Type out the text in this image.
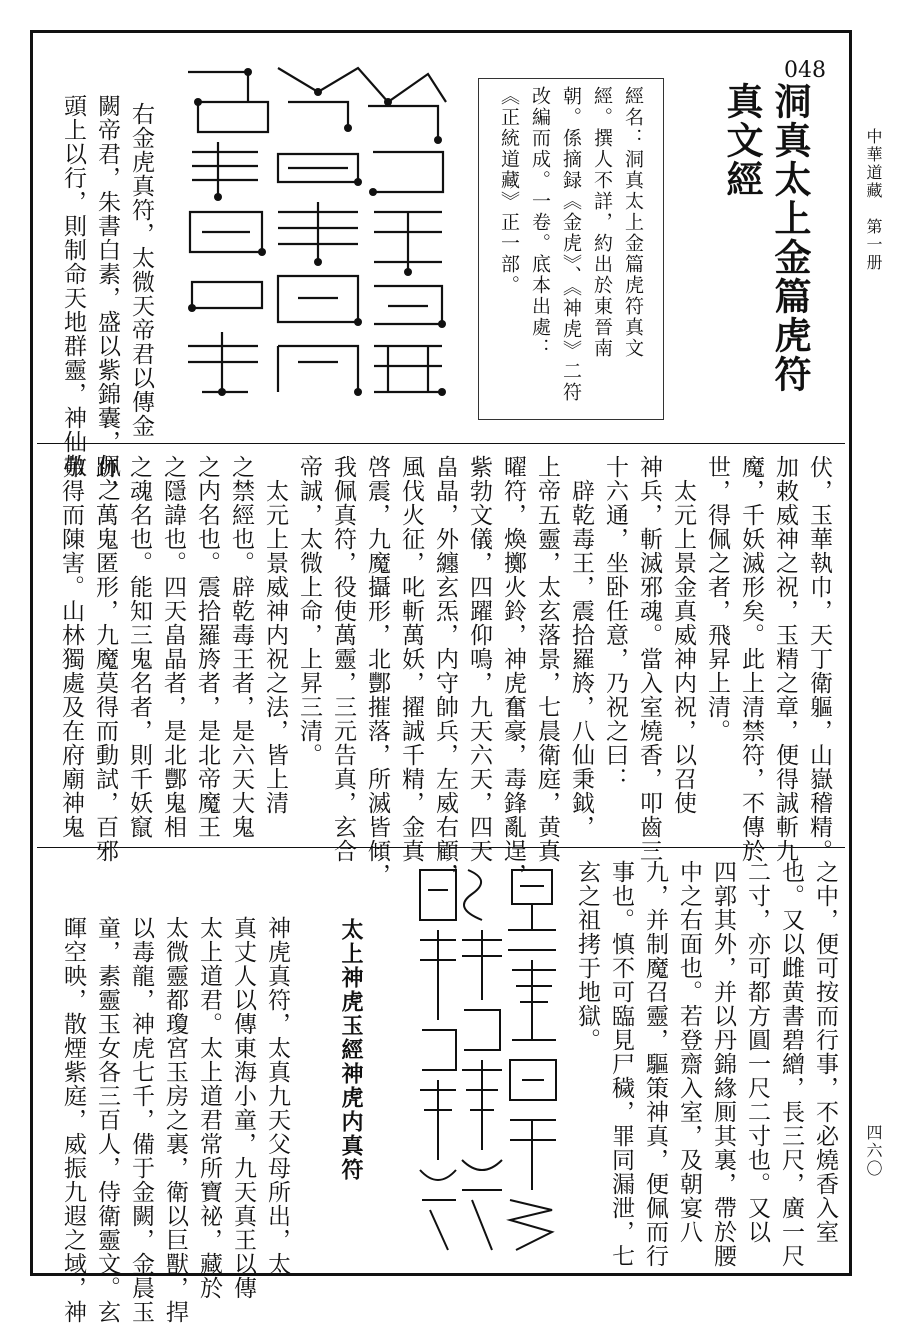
中華道藏　第一册
四六〇
048
洞真太上金篇虎符
真文經
經名：洞真太上金篇虎符真文
經。撰人不詳，約出於東晉南
朝。係摘録《金虎》、《神虎》二符
改編而成。一卷。底本出處：
《正統道藏》正一部。
右金虎真符，太微天帝君以傳金
闕帝君，朱書白素，盛以紫錦囊，佩之
頭上以行，則制命天地群靈，神仙敬
伏，玉華執巾，天丁衛軀，山嶽稽精。
加敕威神之祝，玉精之章，便得誠斬九
魔，千妖滅形矣。此上清禁符，不傳於
世，得佩之者，飛昇上清。
　太元上景金真威神内祝，以召使
神兵，斬滅邪魂。當入室燒香，叩齒三
十六通，坐卧任意，乃祝之曰：
　辟乾毒王，震拾羅旍，八仙秉鉞，
上帝五靈，太玄落景，七晨衛庭，黄真
曜符，煥擲火鈴，神虎奮豪，毒鋒亂逞，
紫勃文儀，四躍仰鳴，九天六天，四天
畠晶，外纏玄炁，内守帥兵，左威右顧，
風伐火征，叱斬萬妖，擢誠千精，金真
啓震，九魔攝形，北酆摧落，所滅皆傾，
我佩真符，役使萬靈，三元告真，玄合
帝誠，太微上命，上昇三清。
　太元上景威神内祝之法，皆上清
之禁經也。辟乾毒王者，是六天大鬼
之内名也。震拾羅旍者，是北帝魔王
之隱諱也。四天畠晶者，是北酆鬼相
之魂名也。能知三鬼名者，則千妖竄
跡，萬鬼匿形，九魔莫得而動試，百邪
弗得而陳害。山林獨處及在府廟神鬼
之中，便可按而行事，不必燒香入室
也。又以雌黄書碧繒，長三尺，廣一尺
二寸，亦可都方圓一尺二寸也。又以
四郭其外，并以丹錦緣厠其裏，帶於腰
中之右面也。若登齋入室，及朝宴八
九，并制魔召靈，驅策神真，便佩而行
事也。慎不可臨見尸穢，罪同漏泄，七
玄之祖拷于地獄。
太上神虎玉經神虎内真符
神虎真符，太真九天父母所出，太
真丈人以傳東海小童，九天真王以傳
太上道君。太上道君常所寶祕，藏於
太微靈都瓊宮玉房之裏，衛以巨獸，捍
以毒龍，神虎七千，備于金闕，金晨玉
童，素靈玉女各三百人，侍衛靈文。玄
暉空映，散煙紫庭，威振九遐之域，神
